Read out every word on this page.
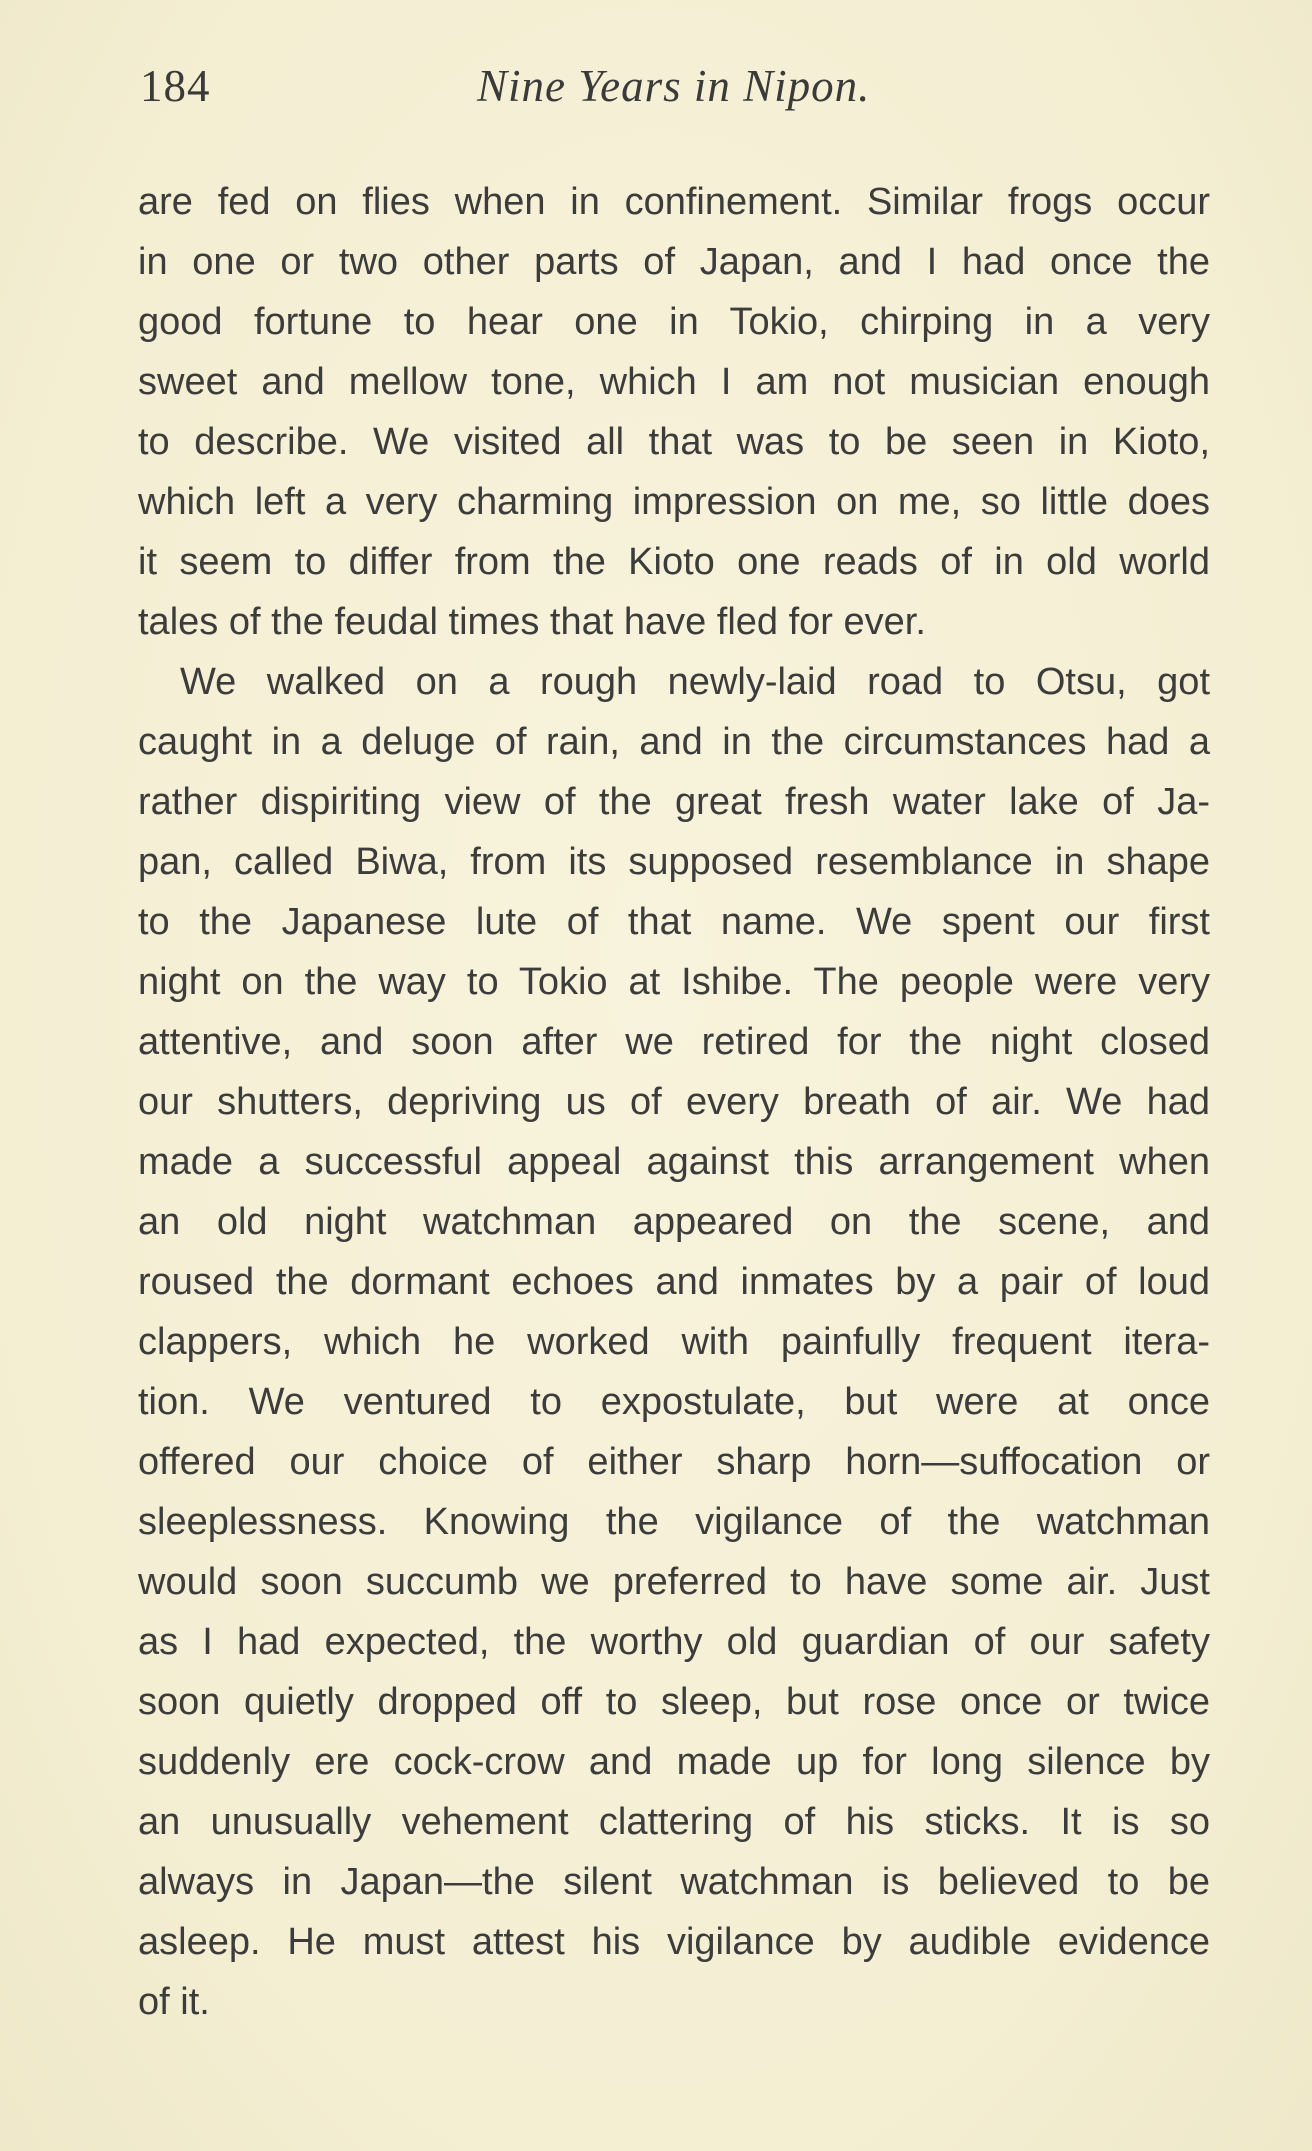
184	Nine Years in Nipon.
are fed on flies when in confinement. Similar frogs occur
in one or two other parts of Japan, and I had once the
good fortune to hear one in Tokio, chirping in a very
sweet and mellow tone, which I am not musician enough
to describe. We visited all that was to be seen in Kioto,
which left a very charming impression on me, so little does
it seem to differ from the Kioto one reads of in old world
tales of the feudal times that have fled for ever.
We walked on a rough newly-laid road to Otsu, got
caught in a deluge of rain, and in the circumstances had a
rather dispiriting view of the great fresh water lake of Ja-
pan, called Biwa, from its supposed resemblance in shape
to the Japanese lute of that name. We spent our first
night on the way to Tokio at Ishibe. The people were very
attentive, and soon after we retired for the night closed
our shutters, depriving us of every breath of air. We had
made a successful appeal against this arrangement when
an old night watchman appeared on the scene, and
roused the dormant echoes and inmates by a pair of loud
clappers, which he worked with painfully frequent itera-
tion. We ventured to expostulate, but were at once
offered our choice of either sharp horn—suffocation or
sleeplessness. Knowing the vigilance of the watchman
would soon succumb we preferred to have some air. Just
as I had expected, the worthy old guardian of our safety
soon quietly dropped off to sleep, but rose once or twice
suddenly ere cock-crow and made up for long silence by
an unusually vehement clattering of his sticks. It is so
always in Japan—the silent watchman is believed to be
asleep. He must attest his vigilance by audible evidence
of it.
